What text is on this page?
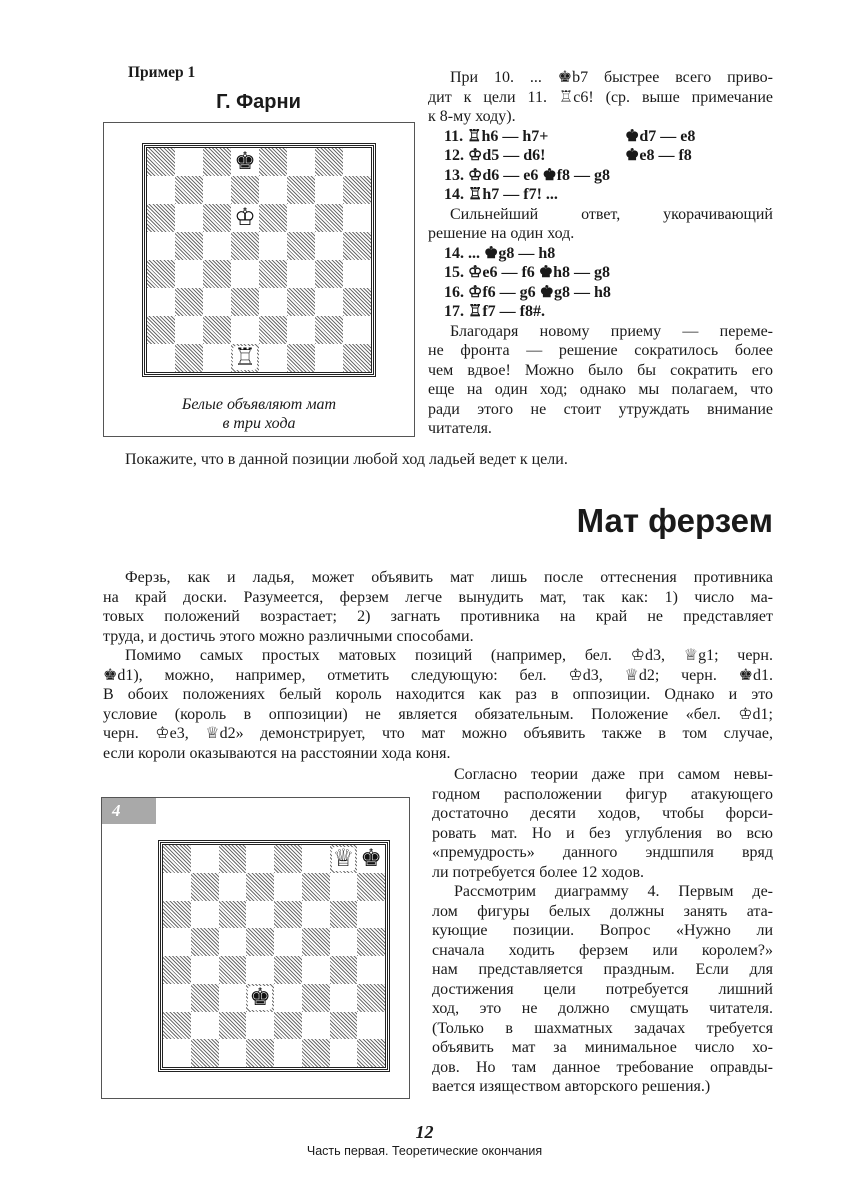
Пример 1
Г. Фарни
♚
♔
♖
Белые объявляют мат
в три хода
При 10. ... ♚b7 быстрее всего приво-
дит к цели 11. ♖c6! (ср. выше примечание
к 8-му ходу).
11. ♖h6 — h7+	♚d7 — e8
12. ♔d5 — d6!	♚e8 — f8
13. ♔d6 — e6 ♚f8 — g8
14. ♖h7 — f7! ...
Сильнейший ответ, укорачивающий
решение на один ход.
14. ... ♚g8 — h8
15. ♔e6 — f6 ♚h8 — g8
16. ♔f6 — g6 ♚g8 — h8
17. ♖f7 — f8#.
Благодаря новому приему — переме-
не фронта — решение сократилось более
чем вдвое! Можно было бы сократить его
еще на один ход; однако мы полагаем, что
ради этого не стоит утруждать внимание
читателя.
Покажите, что в данной позиции любой ход ладьей ведет к цели.
Мат ферзем
Ферзь, как и ладья, может объявить мат лишь после оттеснения противника
на край доски. Разумеется, ферзем легче вынудить мат, так как: 1) число ма-
товых положений возрастает; 2) загнать противника на край не представляет
труда, и достичь этого можно различными способами.
Помимо самых простых матовых позиций (например, бел. ♔d3, ♕g1; черн.
♚d1), можно, например, отметить следующую: бел. ♔d3, ♕d2; черн. ♚d1.
В обоих положениях белый король находится как раз в оппозиции. Однако и это
условие (король в оппозиции) не является обязательным. Положение «бел. ♔d1;
черн. ♔e3, ♕d2» демонстрирует, что мат можно объявить также в том случае,
если короли оказываются на расстоянии хода коня.
4
♕ ♚
♚
Согласно теории даже при самом невы-
годном расположении фигур атакующего
достаточно десяти ходов, чтобы форси-
ровать мат. Но и без углубления во всю
«премудрость» данного эндшпиля вряд
ли потребуется более 12 ходов.
Рассмотрим диаграмму 4. Первым де-
лом фигуры белых должны занять ата-
кующие позиции. Вопрос «Нужно ли
сначала ходить ферзем или королем?»
нам представляется праздным. Если для
достижения цели потребуется лишний
ход, это не должно смущать читателя.
(Только в шахматных задачах требуется
объявить мат за минимальное число хо-
дов. Но там данное требование оправды-
вается изяществом авторского решения.)
12
Часть первая. Теоретические окончания
